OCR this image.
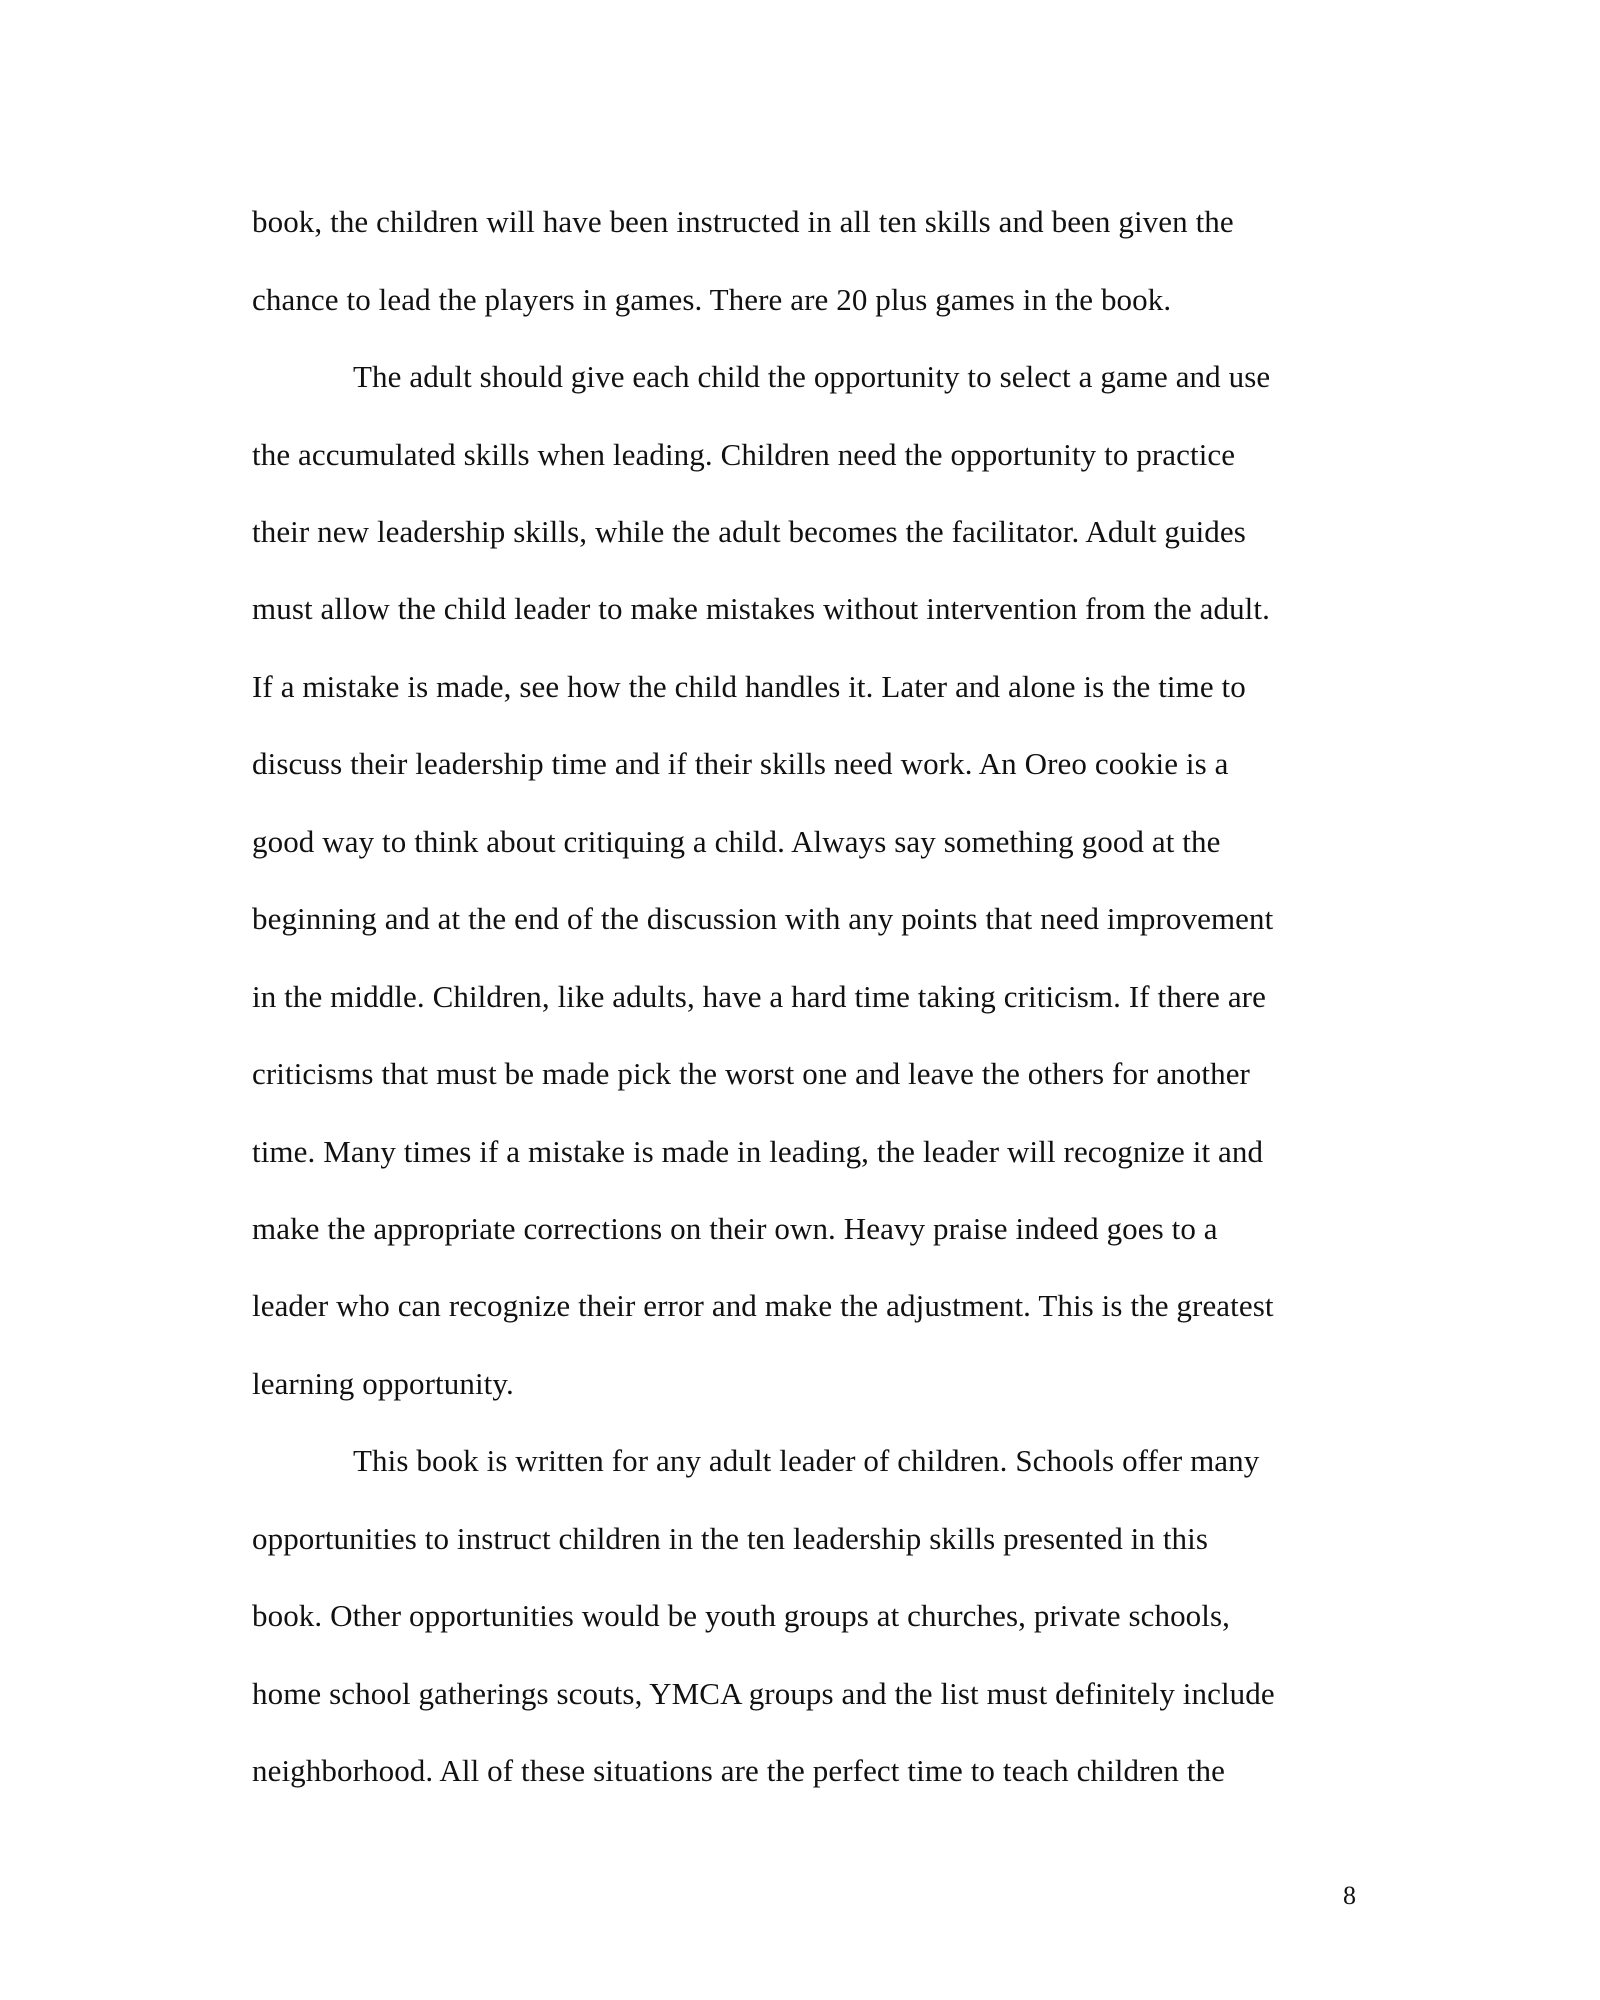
book, the children will have been instructed in all ten skills and been given the
chance to lead the players in games. There are 20 plus games in the book.
The adult should give each child the opportunity to select a game and use
the accumulated skills when leading. Children need the opportunity to practice
their new leadership skills, while the adult becomes the facilitator. Adult guides
must allow the child leader to make mistakes without intervention from the adult.
If a mistake is made, see how the child handles it. Later and alone is the time to
discuss their leadership time and if their skills need work. An Oreo cookie is a
good way to think about critiquing a child. Always say something good at the
beginning and at the end of the discussion with any points that need improvement
in the middle. Children, like adults, have a hard time taking criticism. If there are
criticisms that must be made pick the worst one and leave the others for another
time. Many times if a mistake is made in leading, the leader will recognize it and
make the appropriate corrections on their own. Heavy praise indeed goes to a
leader who can recognize their error and make the adjustment. This is the greatest
learning opportunity.
This book is written for any adult leader of children. Schools offer many
opportunities to instruct children in the ten leadership skills presented in this
book. Other opportunities would be youth groups at churches, private schools,
home school gatherings scouts, YMCA groups and the list must definitely include
neighborhood. All of these situations are the perfect time to teach children the
8
